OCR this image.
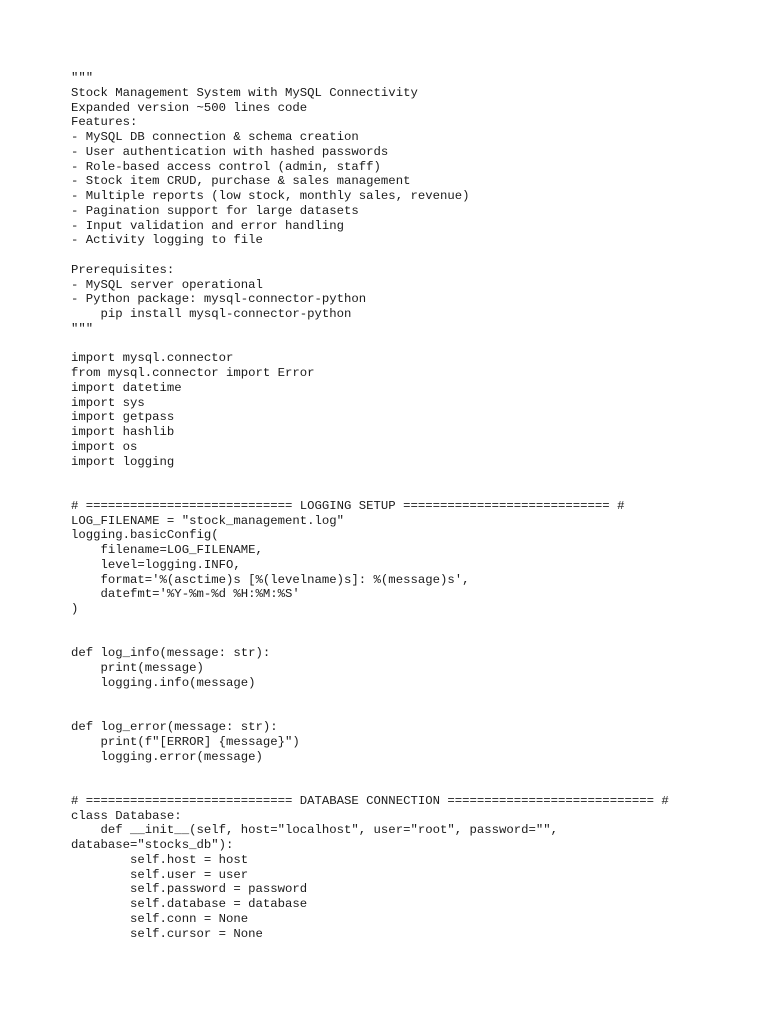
"""
Stock Management System with MySQL Connectivity
Expanded version ~500 lines code
Features:
- MySQL DB connection & schema creation
- User authentication with hashed passwords
- Role-based access control (admin, staff)
- Stock item CRUD, purchase & sales management
- Multiple reports (low stock, monthly sales, revenue)
- Pagination support for large datasets
- Input validation and error handling
- Activity logging to file
Prerequisites:
- MySQL server operational
- Python package: mysql-connector-python
pip install mysql-connector-python
"""
import mysql.connector
from mysql.connector import Error
import datetime
import sys
import getpass
import hashlib
import os
import logging
# ============================ LOGGING SETUP ============================ #
LOG_FILENAME = "stock_management.log"
logging.basicConfig(
filename=LOG_FILENAME,
level=logging.INFO,
format='%(asctime)s [%(levelname)s]: %(message)s',
datefmt='%Y-%m-%d %H:%M:%S'
)
def log_info(message: str):
print(message)
logging.info(message)
def log_error(message: str):
print(f"[ERROR] {message}")
logging.error(message)
# ============================ DATABASE CONNECTION ============================ #
class Database:
def __init__(self, host="localhost", user="root", password="",
database="stocks_db"):
self.host = host
self.user = user
self.password = password
self.database = database
self.conn = None
self.cursor = None
